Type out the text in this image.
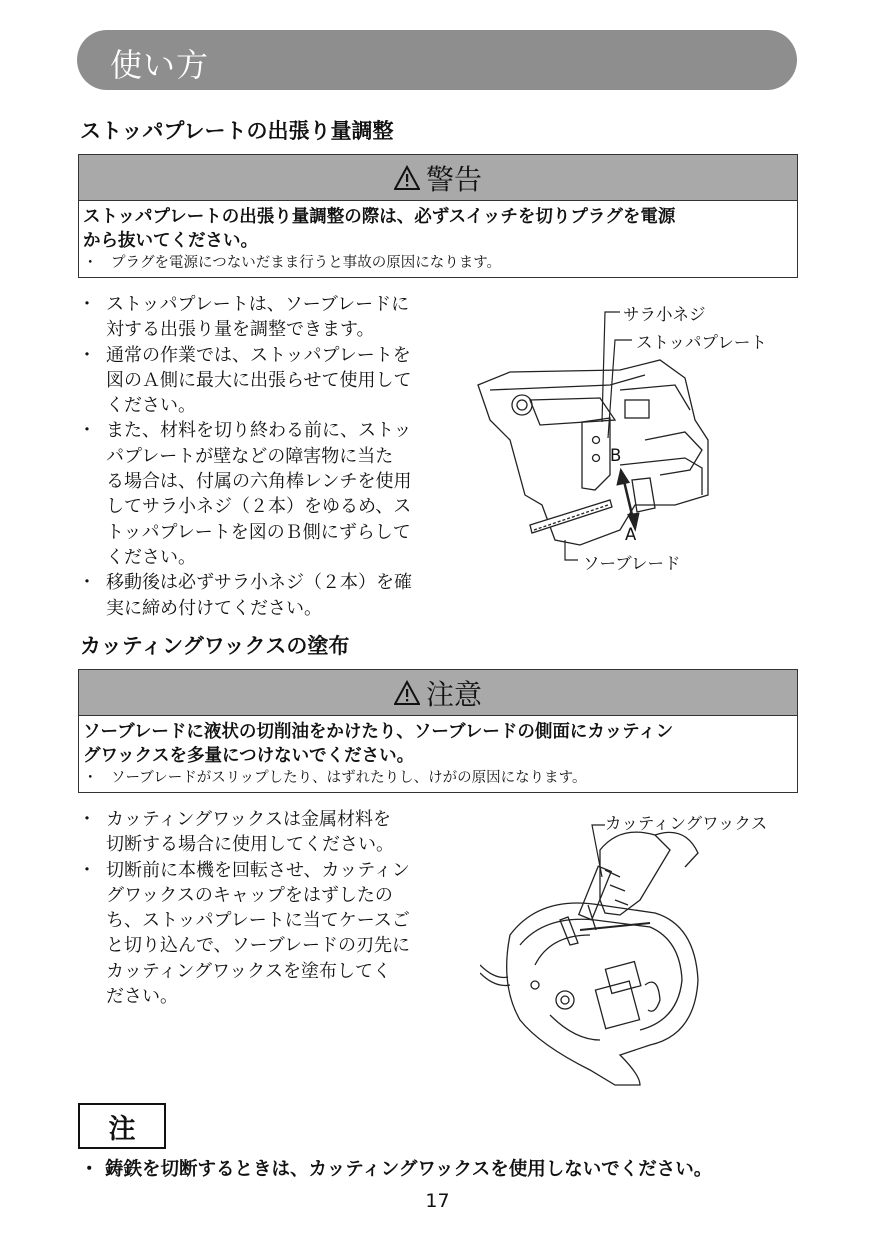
使い方
ストッパプレートの出張り量調整
警告
ストッパプレートの出張り量調整の際は、必ずスイッチを切りプラグを電源
から抜いてください。
・ プラグを電源につないだまま行うと事故の原因になります。
・ ストッパプレートは、ソーブレードに
対する出張り量を調整できます。
・ 通常の作業では、ストッパプレートを
図のＡ側に最大に出張らせて使用して
ください。
・ また、材料を切り終わる前に、ストッ
パプレートが壁などの障害物に当た
る場合は、付属の六角棒レンチを使用
してサラ小ネジ（２本）をゆるめ、ス
トッパプレートを図のＢ側にずらして
ください。
・ 移動後は必ずサラ小ネジ（２本）を確
実に締め付けてください。
サラ小ネジ
ストッパプレート
ソーブレード
B
A
カッティングワックスの塗布
注意
ソーブレードに液状の切削油をかけたり、ソーブレードの側面にカッティン
グワックスを多量につけないでください。
・ ソーブレードがスリップしたり、はずれたりし、けがの原因になります。
・ カッティングワックスは金属材料を
切断する場合に使用してください。
・ 切断前に本機を回転させ、カッティン
グワックスのキャップをはずしたの
ち、ストッパプレートに当てケースご
と切り込んで、ソーブレードの刃先に
カッティングワックスを塗布してく
ださい。
カッティングワックス
注
・ 鋳鉄を切断するときは、カッティングワックスを使用しないでください。
17
